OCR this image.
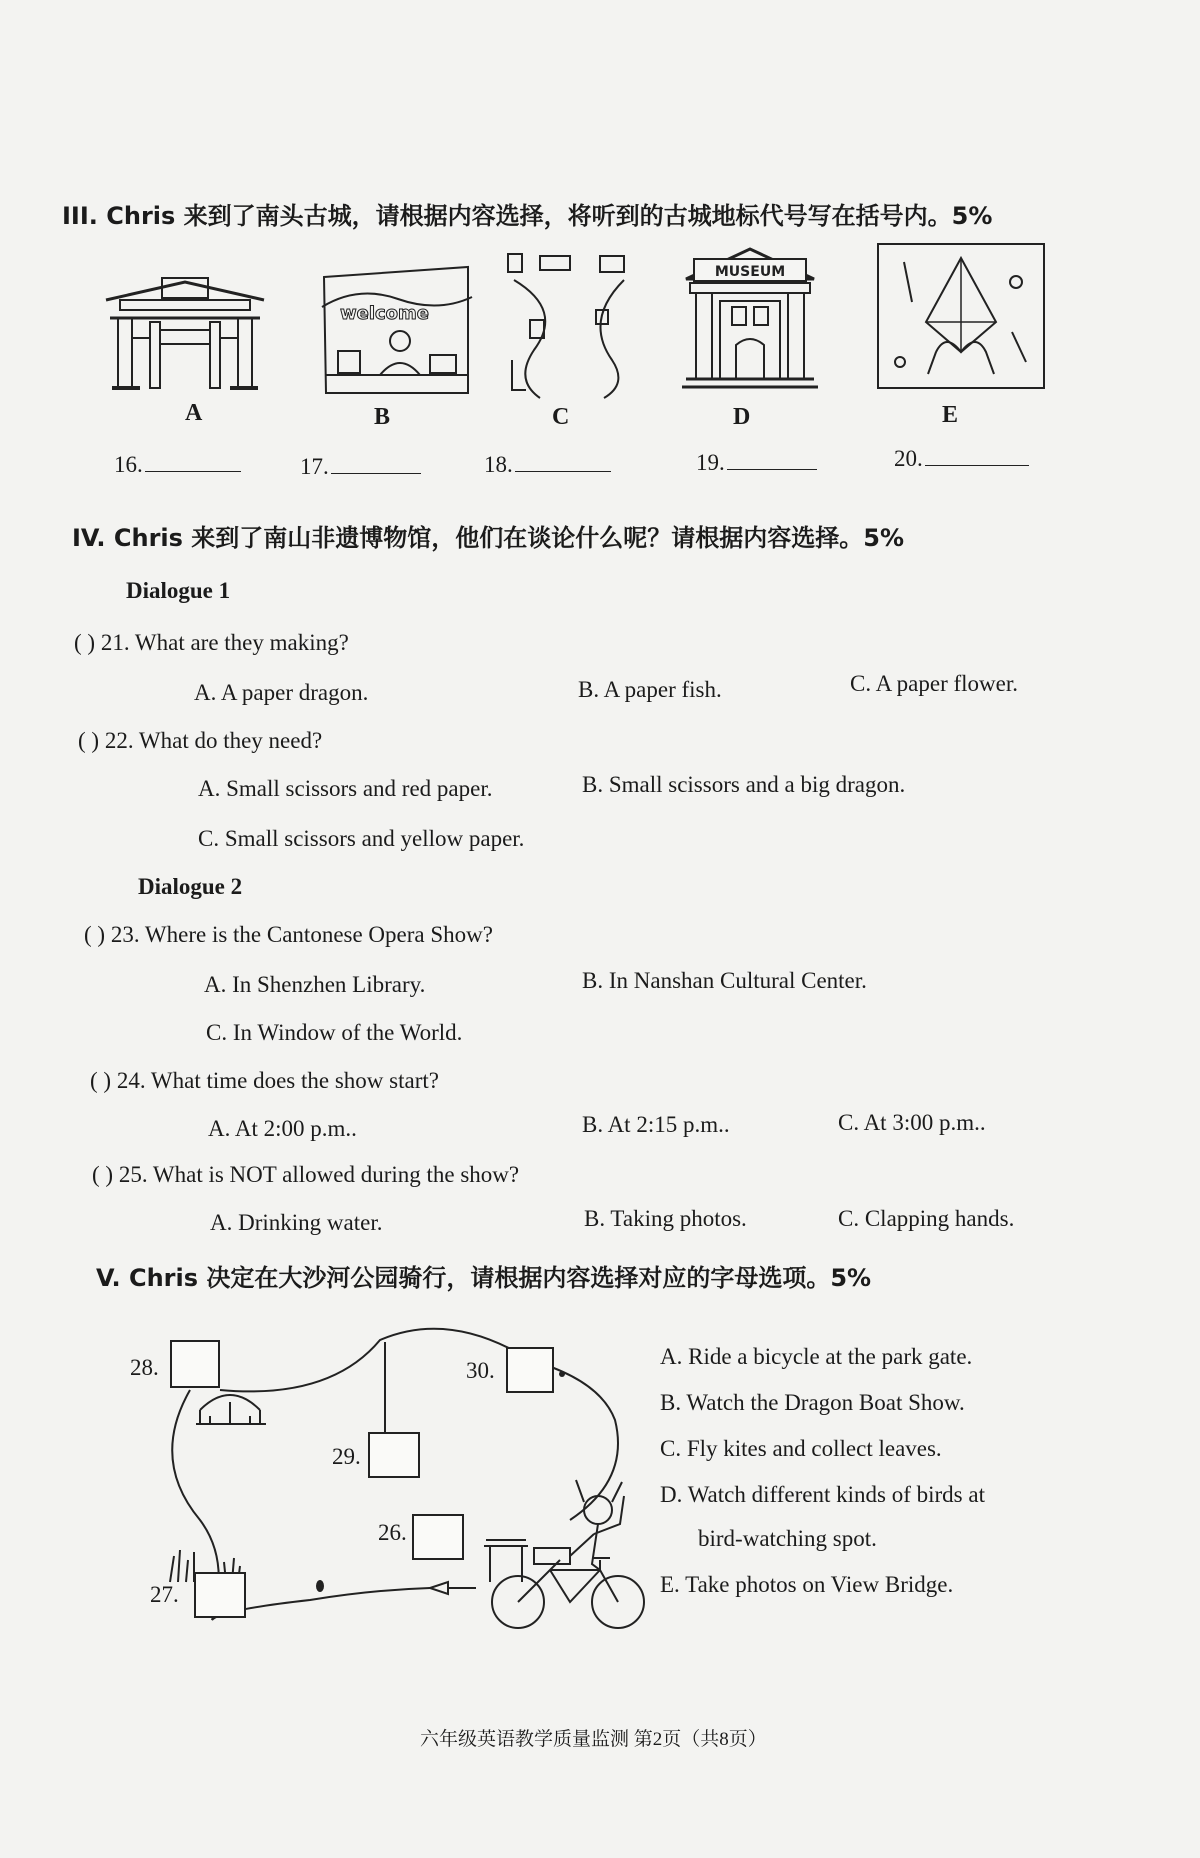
III. Chris 来到了南头古城，请根据内容选择，将听到的古城地标代号写在括号内。5%
welcome
MUSEUM
A	B	C	D	E
16.	17.	18.	19.	20.
IV. Chris 来到了南山非遗博物馆，他们在谈论什么呢？请根据内容选择。5%
Dialogue 1
( ) 21. What are they making?
A. A paper dragon.	B. A paper fish.	C. A paper flower.
( ) 22. What do they need?
A. Small scissors and red paper.	B. Small scissors and a big dragon.
C. Small scissors and yellow paper.
Dialogue 2
( ) 23. Where is the Cantonese Opera Show?
A. In Shenzhen Library.	B. In Nanshan Cultural Center.
C. In Window of the World.
( ) 24. What time does the show start?
A. At 2:00 p.m..	B. At 2:15 p.m..	C. At 3:00 p.m..
( ) 25. What is NOT allowed during the show?
A. Drinking water.	B. Taking photos.	C. Clapping hands.
V. Chris 决定在大沙河公园骑行，请根据内容选择对应的字母选项。5%
28.	30.
29.
26.
27.
A. Ride a bicycle at the park gate.
B. Watch the Dragon Boat Show.
C. Fly kites and collect leaves.
D. Watch different kinds of birds at
bird-watching spot.
E. Take photos on View Bridge.
六年级英语教学质量监测 第2页（共8页）
